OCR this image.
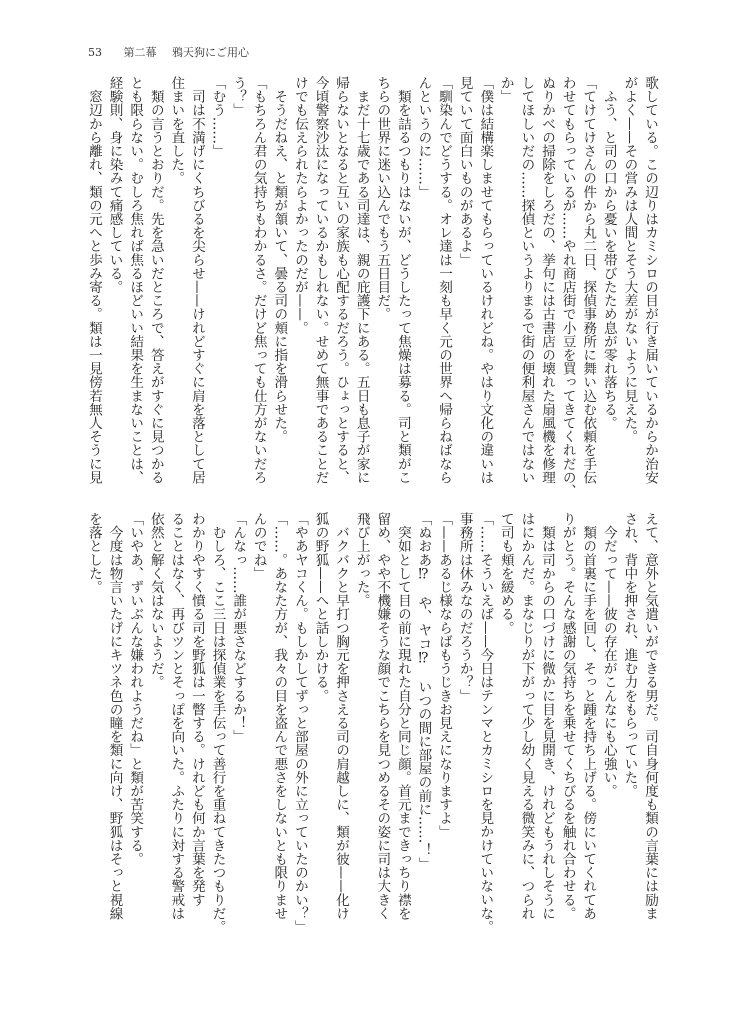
53 第二幕 鴉天狗にご用心
歌している。この辺りはカミシロの目が行き届いているからか治安
がよく——その営みは人間とそう大差がないように見えた。
　ふう、と司の口から憂いを帯びたため息が零れ落ちる。
「てけてけさんの件から丸二日、探偵事務所に舞い込む依頼を手伝
わせてもらっているが……やれ商店街で小豆を買ってきてくれだの、
ぬりかべの掃除をしろだの、挙句には古書店の壊れた扇風機を修理
してほしいだの……探偵というよりまるで街の便利屋さんではない
か」
「僕は結構楽しませてもらっているけれどね。やはり文化の違いは
見ていて面白いものがあるよ」
「馴染んでどうする。オレ達は一刻も早く元の世界へ帰らねばなら
んというのに……」
　類を詰るつもりはないが、どうしたって焦燥は募る。司と類がこ
ちらの世界に迷い込んでもう五日目だ。
　まだ十七歳である司達は、親の庇護下にある。五日も息子が家に
帰らないとなると互いの家族も心配するだろう。ひょっとすると、
今頃警察沙汰になっているかもしれない。せめて無事であることだ
けでも伝えられたらよかったのだが——。
　そうだねえ、と類が頷いて、曇る司の頬に指を滑らせた。
「もちろん君の気持ちもわかるさ。だけど焦っても仕方がないだろ
う？」
「むう……」
　司は不満げにくちびるを尖らせ——けれどすぐに肩を落として居
住まいを直した。
　類の言うとおりだ。先を急いだところで、答えがすぐに見つかる
とも限らない。むしろ焦れば焦るほどいい結果を生まないことは、
経験則、身に染みて痛感している。
　窓辺から離れ、類の元へと歩み寄る。類は一見傍若無人そうに見
えて、意外と気遣いができる男だ。司自身何度も類の言葉には励ま
され、背中を押され、進む力をもらっていた。
　今だって——彼の存在がこんなにも心強い。
　類の首裏に手を回し、そっと踵を持ち上げる。傍にいてくれてあ
りがとう。そんな感謝の気持ちを乗せてくちびるを触れ合わせる。
　類は司からの口づけに微かに目を見開き、けれどもうれしそうに
はにかんだ。まなじりが下がって少し幼く見える微笑みに、つられ
て司も頬を緩める。
「……そういえば——今日はテンマとカミシロを見かけていないな。
事務所は休みなのだろうか？」
「——あるじ様ならばもうじきお見えになりますよ」
「ぬおあ⁉　や、ヤコ⁉　いつの間に部屋の前に……！」
　突如として目の前に現れた自分と同じ顔。首元まできっちり襟を
留め、やや不機嫌そうな顔でこちらを見つめるその姿に司は大きく
飛び上がった。
　バクバクと早打つ胸元を押さえる司の肩越しに、類が彼——化け
狐の野狐——へと話しかける。
「やあヤコくん。もしかしてずっと部屋の外に立っていたのかい？」
「……。あなた方が、我々の目を盗んで悪さをしないとも限りませ
んのでね」
「んなっ……誰が悪さなどするか！」
　むしろ、ここ三日は探偵業を手伝って善行を重ねてきたつもりだ。
わかりやすく憤る司を野狐は一瞥する。けれども何か言葉を発す
ることはなく、再びツンとそっぽを向いた。ふたりに対する警戒は
依然と解く気はないようだ。
「いやあ、ずいぶんな嫌われようだね」と類が苦笑する。
　今度は物言いたげにキツネ色の瞳を類に向け、野狐はそっと視線
を落とした。
